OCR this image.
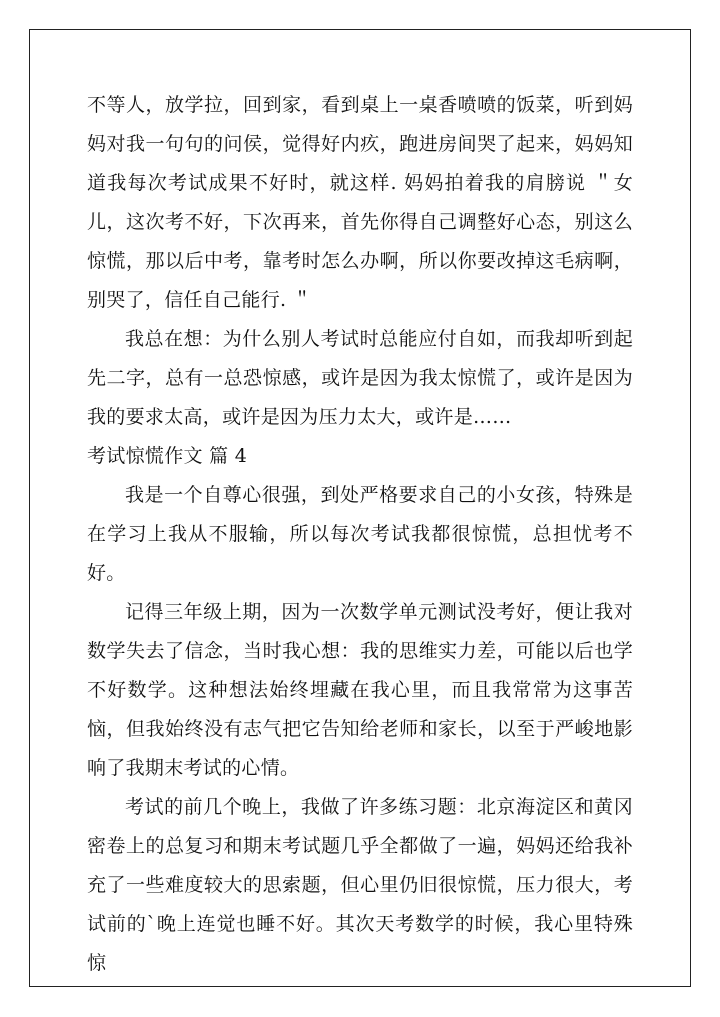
不等人，放学拉，回到家，看到桌上一桌香喷喷的饭菜，听到妈妈对我一句句的问侯，觉得好内疚，跑进房间哭了起来，妈妈知道我每次考试成果不好时，就这样. 妈妈拍着我的肩膀说 ＂女儿，这次考不好，下次再来，首先你得自己调整好心态，别这么惊慌，那以后中考，靠考时怎么办啊，所以你要改掉这毛病啊，别哭了，信任自己能行. ＂

我总在想：为什么别人考试时总能应付自如，而我却听到起先二字，总有一总恐惊感，或许是因为我太惊慌了，或许是因为我的要求太高，或许是因为压力太大，或许是……

考试惊慌作文 篇 4

我是一个自尊心很强，到处严格要求自己的小女孩，特殊是在学习上我从不服输，所以每次考试我都很惊慌，总担忧考不好。

记得三年级上期，因为一次数学单元测试没考好，便让我对数学失去了信念，当时我心想：我的思维实力差，可能以后也学不好数学。这种想法始终埋藏在我心里，而且我常常为这事苦恼，但我始终没有志气把它告知给老师和家长，以至于严峻地影响了我期末考试的心情。

考试的前几个晚上，我做了许多练习题：北京海淀区和黄冈密卷上的总复习和期末考试题几乎全都做了一遍，妈妈还给我补充了一些难度较大的思索题，但心里仍旧很惊慌，压力很大，考试前的`晚上连觉也睡不好。其次天考数学的时候，我心里特殊惊
